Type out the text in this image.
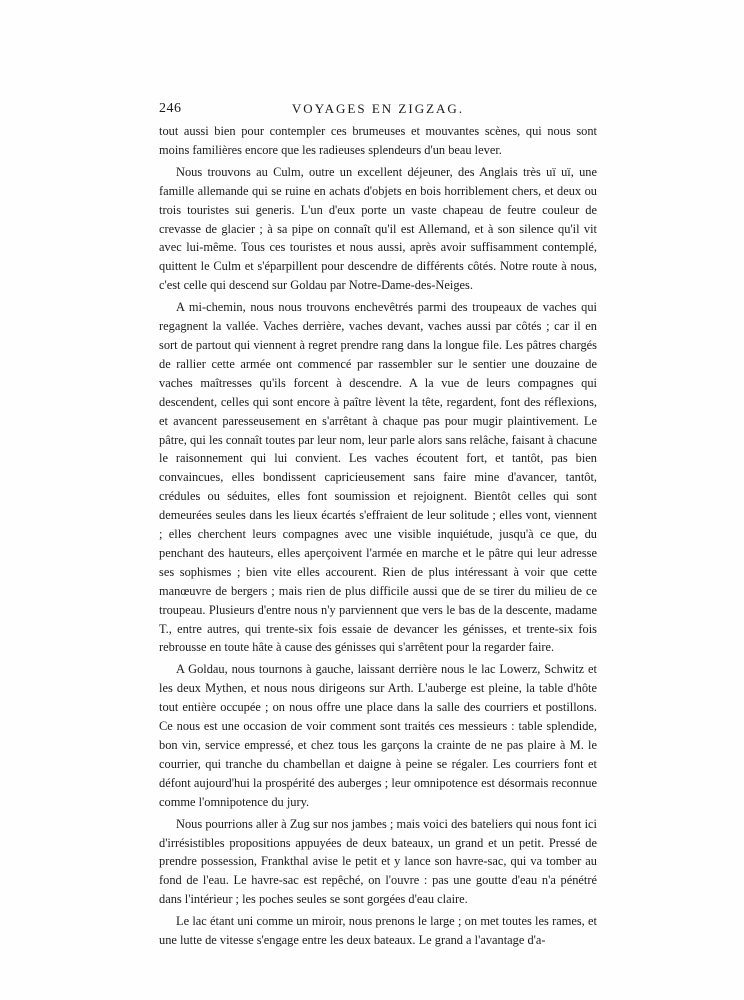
246	VOYAGES EN ZIGZAG.

tout aussi bien pour contempler ces brumeuses et mouvantes scènes, qui nous sont moins familières encore que les radieuses splendeurs d'un beau lever.

Nous trouvons au Culm, outre un excellent déjeuner, des Anglais très uï uï, une famille allemande qui se ruine en achats d'objets en bois horriblement chers, et deux ou trois touristes sui generis. L'un d'eux porte un vaste chapeau de feutre couleur de crevasse de glacier ; à sa pipe on connaît qu'il est Allemand, et à son silence qu'il vit avec lui-même. Tous ces touristes et nous aussi, après avoir suffisamment contemplé, quittent le Culm et s'éparpillent pour descendre de différents côtés. Notre route à nous, c'est celle qui descend sur Goldau par Notre-Dame-des-Neiges.

A mi-chemin, nous nous trouvons enchevêtrés parmi des troupeaux de vaches qui regagnent la vallée. Vaches derrière, vaches devant, vaches aussi par côtés ; car il en sort de partout qui viennent à regret prendre rang dans la longue file. Les pâtres chargés de rallier cette armée ont commencé par rassembler sur le sentier une douzaine de vaches maîtresses qu'ils forcent à descendre. A la vue de leurs compagnes qui descendent, celles qui sont encore à paître lèvent la tête, regardent, font des réflexions, et avancent paresseusement en s'arrêtant à chaque pas pour mugir plaintivement. Le pâtre, qui les connaît toutes par leur nom, leur parle alors sans relâche, faisant à chacune le raisonnement qui lui convient. Les vaches écoutent fort, et tantôt, pas bien convaincues, elles bondissent capricieusement sans faire mine d'avancer, tantôt, crédules ou séduites, elles font soumission et rejoignent. Bientôt celles qui sont demeurées seules dans les lieux écartés s'effraient de leur solitude ; elles vont, viennent ; elles cherchent leurs compagnes avec une visible inquiétude, jusqu'à ce que, du penchant des hauteurs, elles aperçoivent l'armée en marche et le pâtre qui leur adresse ses sophismes ; bien vite elles accourent. Rien de plus intéressant à voir que cette manœuvre de bergers ; mais rien de plus difficile aussi que de se tirer du milieu de ce troupeau. Plusieurs d'entre nous n'y parviennent que vers le bas de la descente, madame T., entre autres, qui trente-six fois essaie de devancer les génisses, et trente-six fois rebrousse en toute hâte à cause des génisses qui s'arrêtent pour la regarder faire.

A Goldau, nous tournons à gauche, laissant derrière nous le lac Lowerz, Schwitz et les deux Mythen, et nous nous dirigeons sur Arth. L'auberge est pleine, la table d'hôte tout entière occupée ; on nous offre une place dans la salle des courriers et postillons. Ce nous est une occasion de voir comment sont traités ces messieurs : table splendide, bon vin, service empressé, et chez tous les garçons la crainte de ne pas plaire à M. le courrier, qui tranche du chambellan et daigne à peine se régaler. Les courriers font et défont aujourd'hui la prospérité des auberges ; leur omnipotence est désormais reconnue comme l'omnipotence du jury.

Nous pourrions aller à Zug sur nos jambes ; mais voici des bateliers qui nous font ici d'irrésistibles propositions appuyées de deux bateaux, un grand et un petit. Pressé de prendre possession, Frankthal avise le petit et y lance son havre-sac, qui va tomber au fond de l'eau. Le havre-sac est repêché, on l'ouvre : pas une goutte d'eau n'a pénétré dans l'intérieur ; les poches seules se sont gorgées d'eau claire.

Le lac étant uni comme un miroir, nous prenons le large ; on met toutes les rames, et une lutte de vitesse s'engage entre les deux bateaux. Le grand a l'avantage d'a-
